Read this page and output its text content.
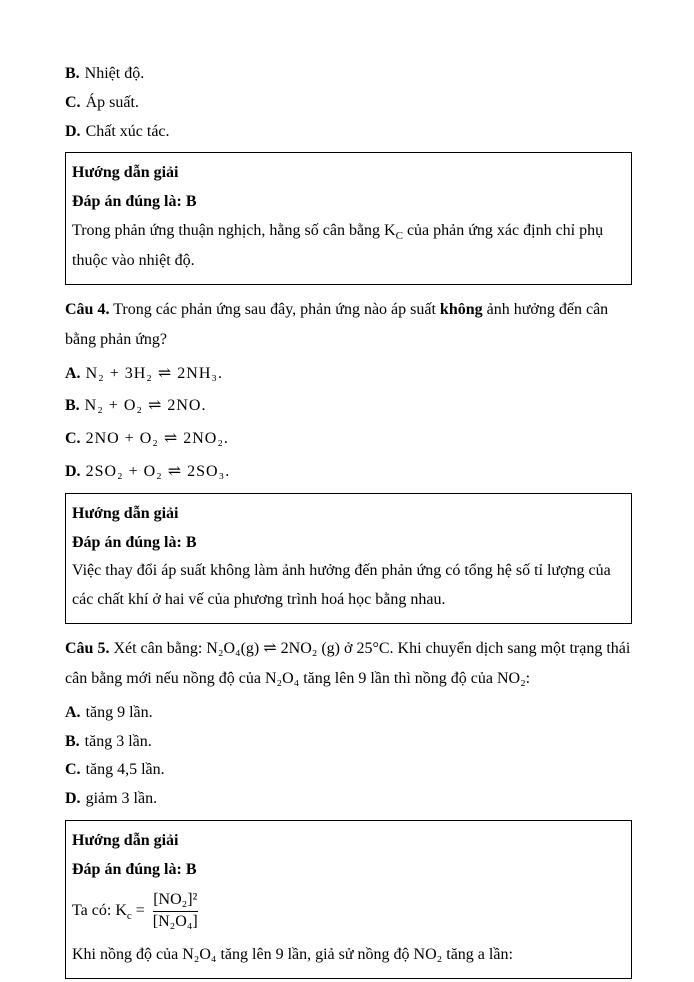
B. Nhiệt độ.
C. Áp suất.
D. Chất xúc tác.
Hướng dẫn giải
Đáp án đúng là: B

Trong phản ứng thuận nghịch, hằng số cân bằng $K_C$ của phản ứng xác định chỉ phụ thuộc vào nhiệt độ.

Câu 4. Trong các phản ứng sau đây, phản ứng nào áp suất không ảnh hưởng đến cân bằng phản ứng?

A. N₂ + 3H₂ ⇌ 2NH₃.
B. N₂ + O₂ ⇌ 2NO.
C. 2NO + O₂ ⇌ 2NO₂.
D. 2SO₂ + O₂ ⇌ 2SO₃.
Hướng dẫn giải
Đáp án đúng là: B

Việc thay đổi áp suất không làm ảnh hưởng đến phản ứng có tổng hệ số tỉ lượng của các chất khí ở hai vế của phương trình hoá học bằng nhau.

Câu 5. Xét cân bằng: N₂O₄(g) ⇌ 2NO₂ (g) ở 25°C. Khi chuyển dịch sang một trạng thái cân bằng mới nếu nồng độ của N₂O₄ tăng lên 9 lần thì nồng độ của NO₂:

A. tăng 9 lần.
B. tăng 3 lần.
C. tăng 4,5 lần.
D. giảm 3 lần.
Hướng dẫn giải
Đáp án đúng là: B
Ta có: $K_c = \frac{\text{[NO₂]²}}{\text{[N₂O₄]}}$

Khi nồng độ của N₂O₄ tăng lên 9 lần, giả sử nồng độ NO₂ tăng a lần:
